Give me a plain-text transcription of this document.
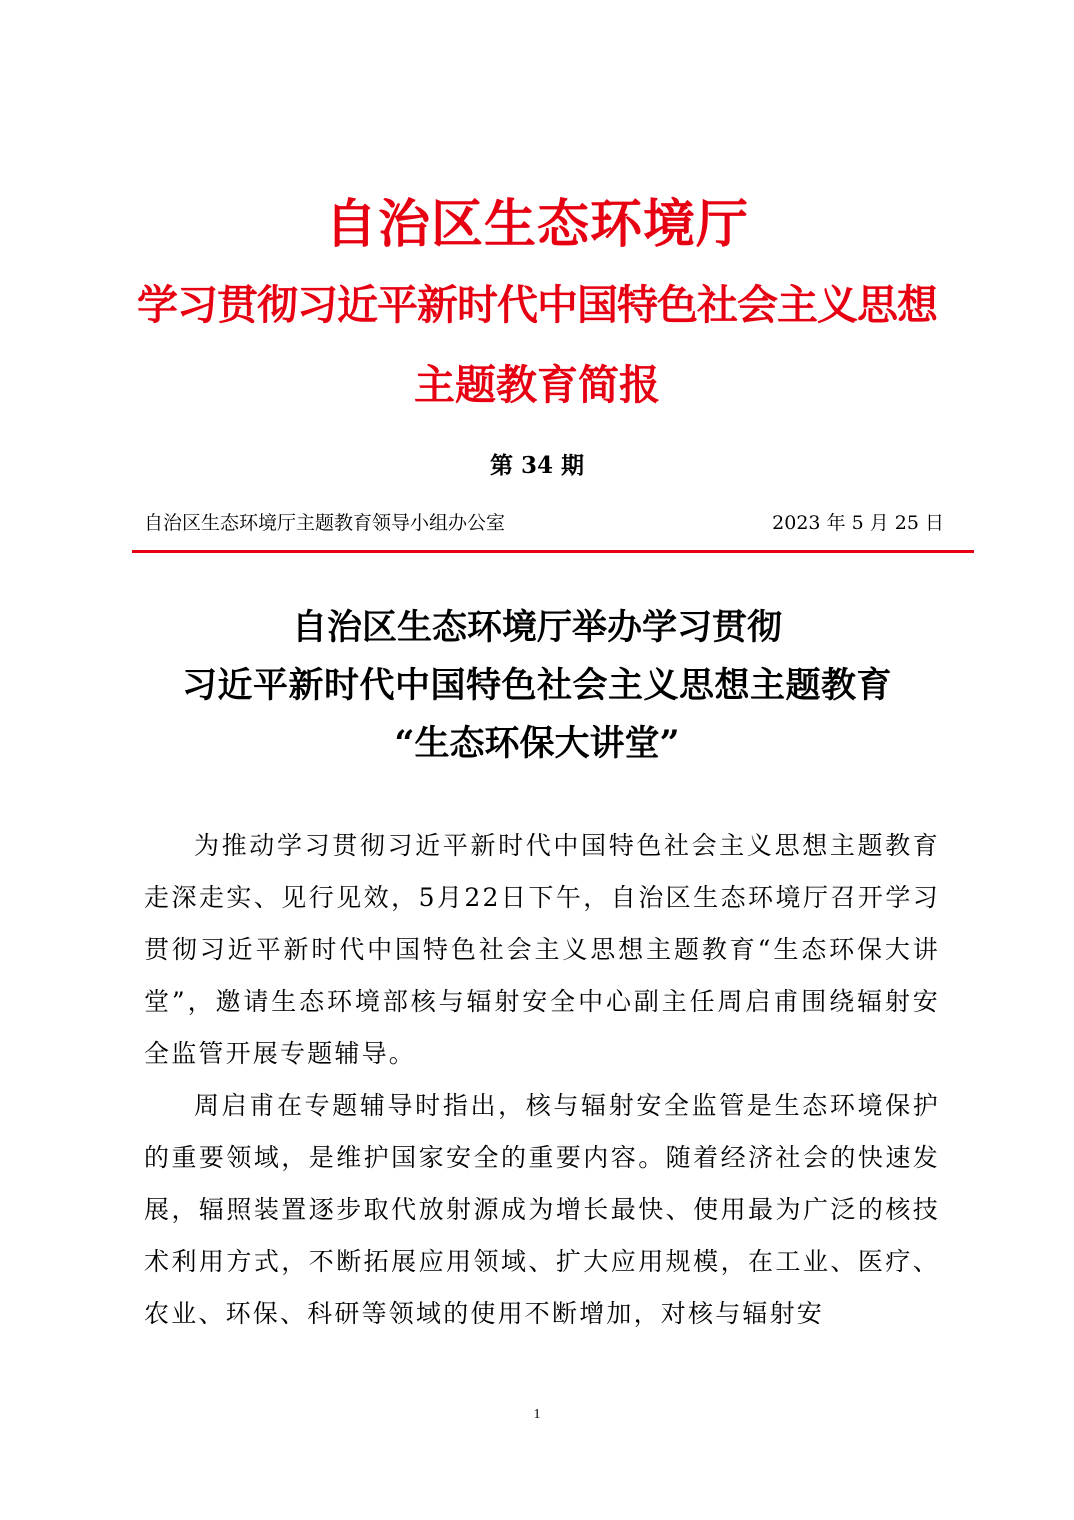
自治区生态环境厅
学习贯彻习近平新时代中国特色社会主义思想
主题教育简报
第 34 期
自治区生态环境厅主题教育领导小组办公室	2023 年 5 月 25 日
自治区生态环境厅举办学习贯彻
习近平新时代中国特色社会主义思想主题教育
“生态环保大讲堂”

为推动学习贯彻习近平新时代中国特色社会主义思想主题教育走深走实、见行见效，5月22日下午，自治区生态环境厅召开学习贯彻习近平新时代中国特色社会主义思想主题教育“生态环保大讲堂”，邀请生态环境部核与辐射安全中心副主任周启甫围绕辐射安全监管开展专题辅导。

周启甫在专题辅导时指出，核与辐射安全监管是生态环境保护的重要领域，是维护国家安全的重要内容。随着经济社会的快速发展，辐照装置逐步取代放射源成为增长最快、使用最为广泛的核技术利用方式，不断拓展应用领域、扩大应用规模，在工业、医疗、农业、环保、科研等领域的使用不断增加，对核与辐射安

1
